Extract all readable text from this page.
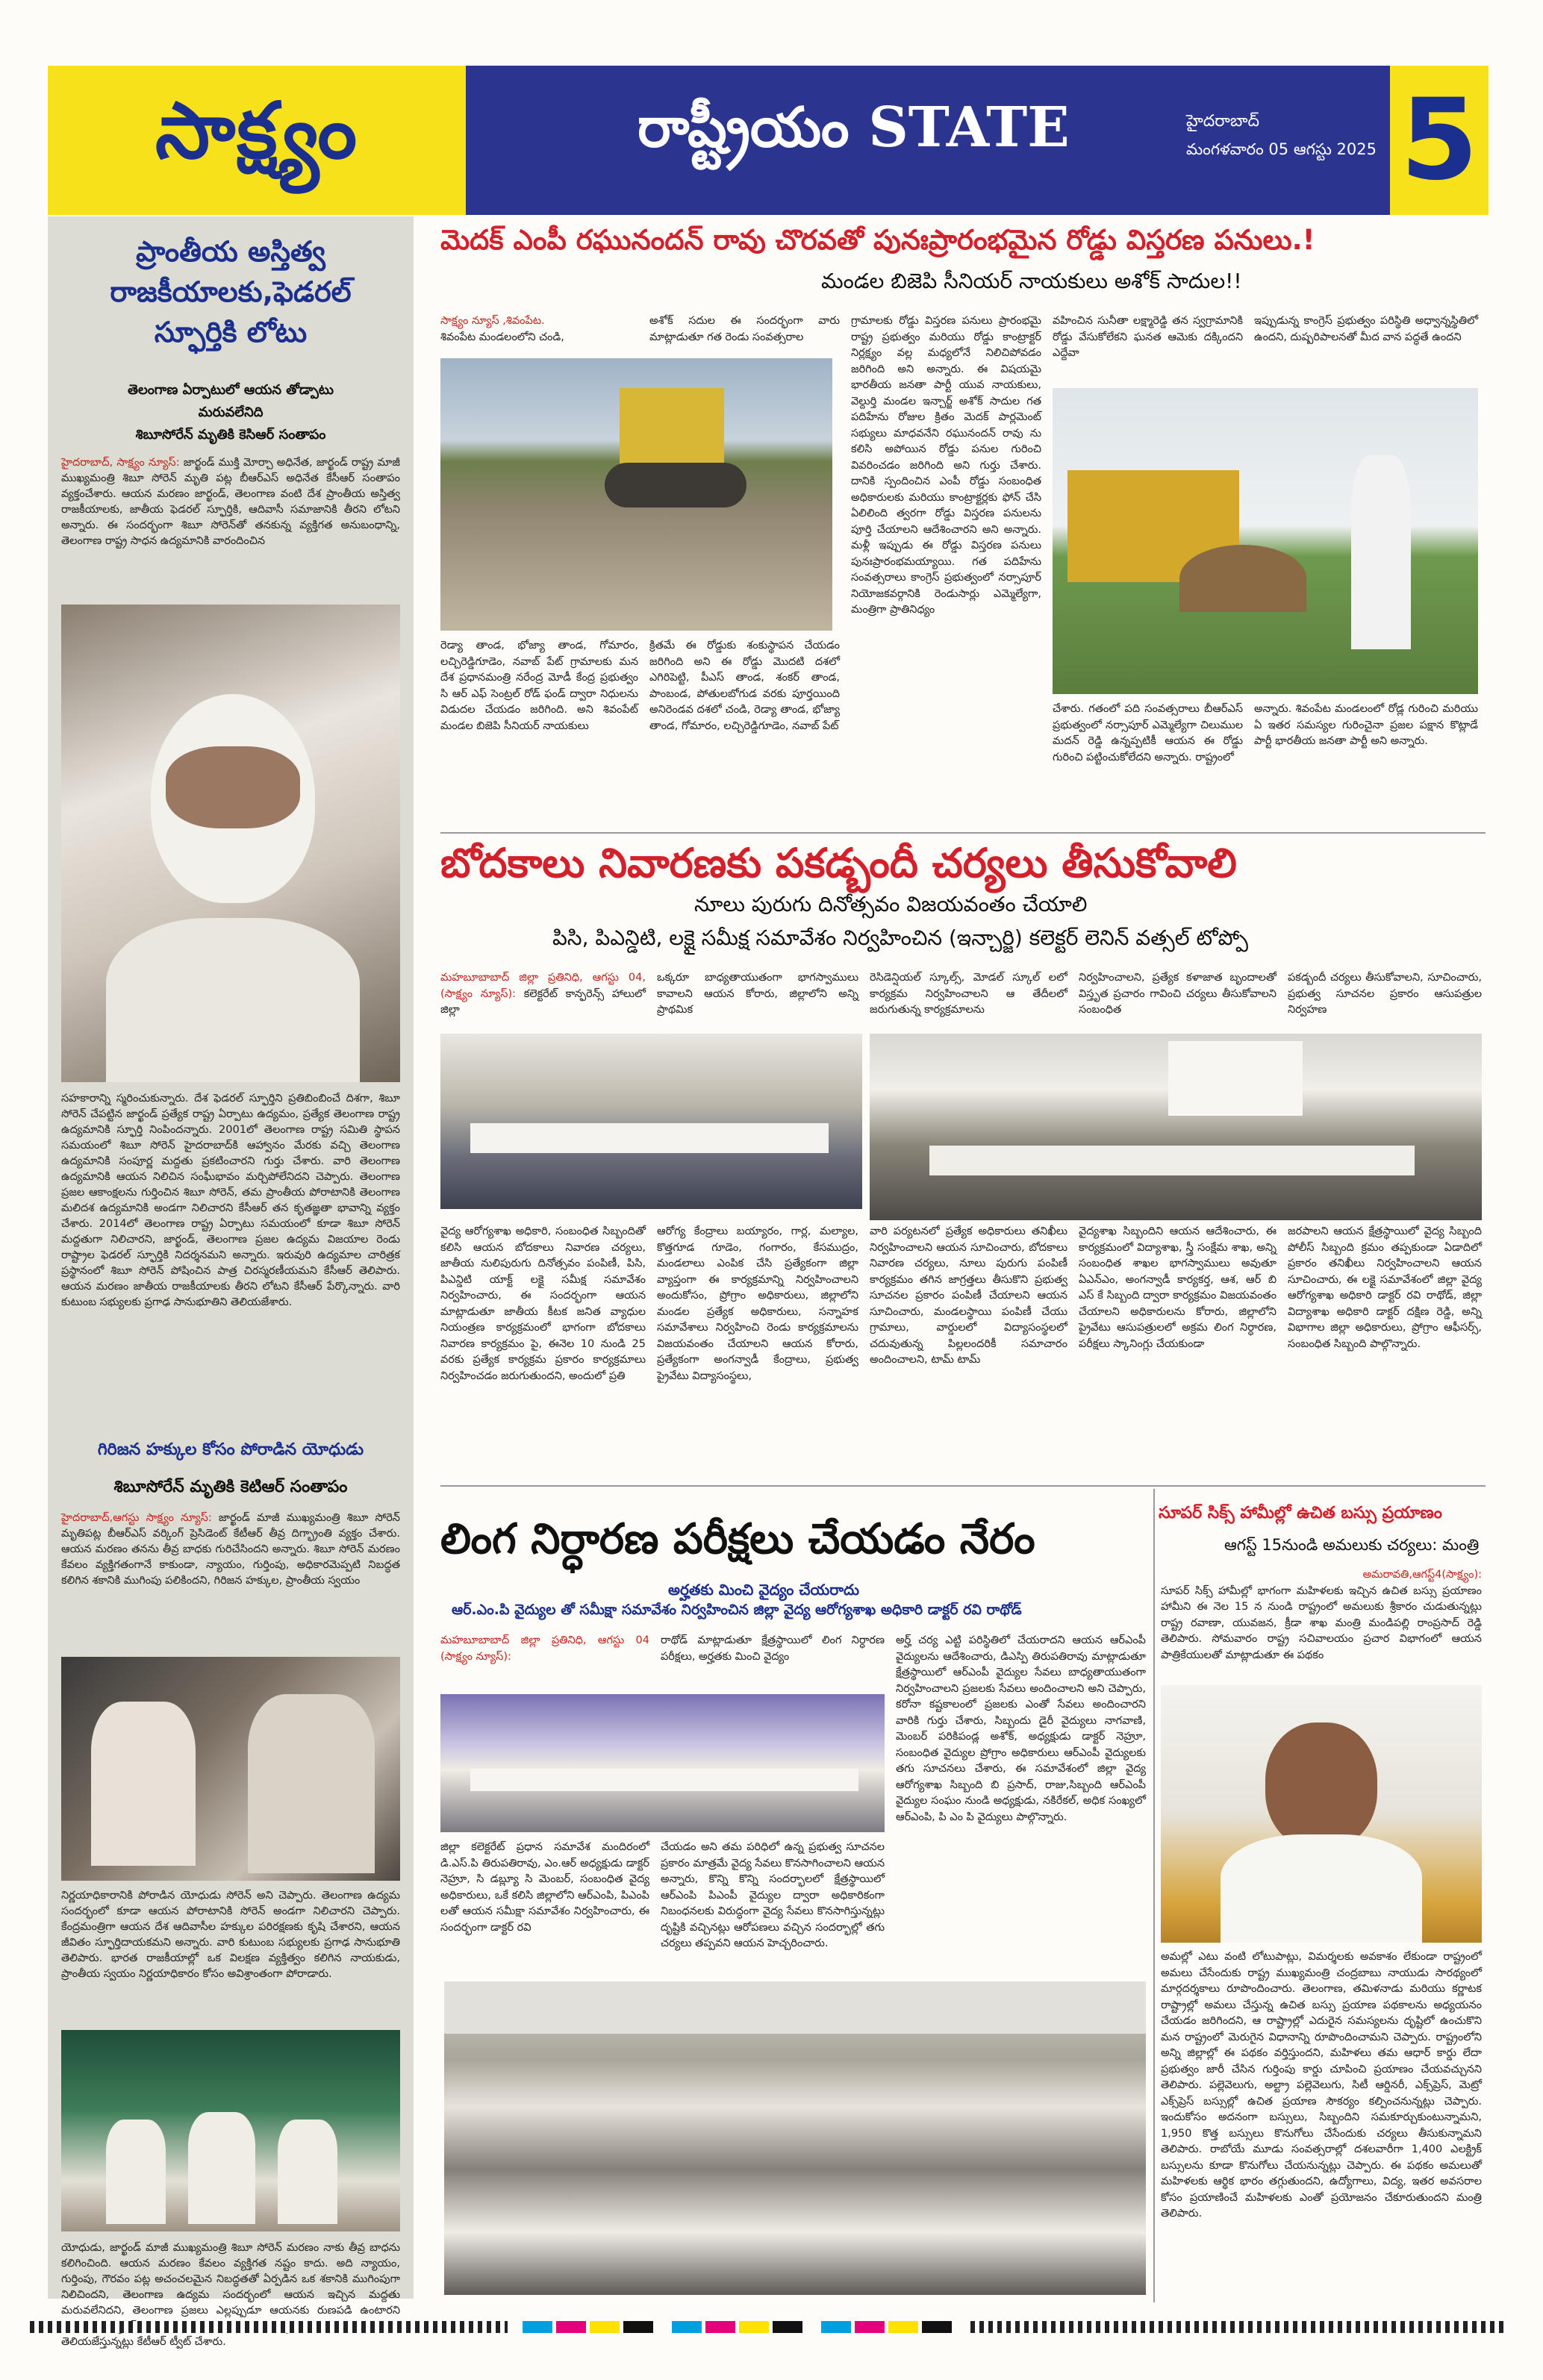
సాక్ష్యం	రాష్ట్రీయం STATE	హైదరాబాద్
మంగళవారం 05 ఆగస్టు 2025 5
ప్రాంతీయ అస్తిత్వ
రాజకీయాలకు,ఫెడరల్
స్ఫూర్తికి లోటు
తెలంగాణ ఏర్పాటులో ఆయన తోడ్పాటు
మరువలేనిది
శిబూసోరేన్ మృతికి కెసిఆర్ సంతాపం
హైదరాబాద్, సాక్ష్యం న్యూస్: జార్ఖండ్ ముక్తి మోర్చా అధినేత, జార్ఖండ్ రాష్ట్ర మాజీ ముఖ్యమంత్రి శిబూ సోరెన్ మృతి పట్ల బీఆర్ఎస్ అధినేత కేసీఆర్ సంతాపం వ్యక్తంచేశారు. ఆయన మరణం జార్ఖండ్, తెలంగాణ వంటి దేశ ప్రాంతీయ అస్తిత్వ రాజకీయాలకు, జాతీయ ఫెడరల్ స్ఫూర్తికి, ఆదివాసీ సమాజానికి తీరని లోటని అన్నారు. ఈ సందర్భంగా శిబూ సోరెన్‌తో తనకున్న వ్యక్తిగత అనుబంధాన్ని, తెలంగాణ రాష్ట్ర సాధన ఉద్యమానికి వారందించిన
సహకారాన్ని స్మరించుకున్నారు. దేశ ఫెడరల్ స్ఫూర్తిని ప్రతిబింబించే దిశగా, శిబూ సోరెన్ చేపట్టిన జార్ఖండ్ ప్రత్యేక రాష్ట్ర ఏర్పాటు ఉద్యమం, ప్రత్యేక తెలంగాణ రాష్ట్ర ఉద్యమానికి స్ఫూర్తి నింపిందన్నారు. 2001లో తెలంగాణ రాష్ట్ర సమితి స్థాపన సమయంలో శిబూ సోరెన్ హైదరాబాద్‌కి ఆహ్వానం మేరకు వచ్చి తెలంగాణ ఉద్యమానికి సంపూర్ణ మద్దతు ప్రకటించారని గుర్తు చేశారు. వారి తెలంగాణ ఉద్యమానికి ఆయన నిలిచిన సంఘీభావం మర్చిపోలేనిదని చెప్పారు. తెలంగాణ ప్రజల ఆకాంక్షలను గుర్తించిన శిబూ సోరెన్, తమ ప్రాంతీయ పోరాటానికి తెలంగాణ మలిదశ ఉద్యమానికి అండగా నిలిచారని కేసీఆర్ తన కృతజ్ఞతా భావాన్ని వ్యక్తం చేశారు. 2014లో తెలంగాణ రాష్ట్ర ఏర్పాటు సమయంలో కూడా శిబూ సోరెన్ మద్దతుగా నిలిచారని, జార్ఖండ్, తెలంగాణ ప్రజల ఉద్యమ విజయాల రెండు రాష్ట్రాల ఫెడరల్ స్ఫూర్తికి నిదర్శనమని అన్నారు. ఇరువురి ఉద్యమాల చారిత్రక ప్రస్థానంలో శిబూ సోరెన్ పోషించిన పాత్ర చిరస్మరణీయమని కేసీఆర్ తెలిపారు. ఆయన మరణం జాతీయ రాజకీయాలకు తీరని లోటని కేసీఆర్ పేర్కొన్నారు. వారి కుటుంబ సభ్యులకు ప్రగాఢ సానుభూతిని తెలియజేశారు.
గిరిజన హక్కుల కోసం పోరాడిన యోధుడు
శిబూసోరేన్ మృతికి కెటిఆర్ సంతాపం
హైదరాబాద్,ఆగస్టు సాక్ష్యం న్యూస్: జార్ఖండ్ మాజీ ముఖ్యమంత్రి శిబూ సోరెన్ మృతిపట్ల బీఆర్ఎస్ వర్కింగ్ ప్రెసిడెంట్ కేటీఆర్ తీవ్ర దిగ్భ్రాంతి వ్యక్తం చేశారు. ఆయన మరణం తనను తీవ్ర బాధకు గురిచేసిందని అన్నారు. శిబూ సోరెన్ మరణం కేవలం వ్యక్తిగతంగానే కాకుండా, న్యాయం, గుర్తింపు, అధికారమెప్పటి నిబద్ధత కలిగిన శకానికి ముగింపు పలికిందని, గిరిజన హక్కుల, ప్రాంతీయ స్వయం
నిర్ణయాధికారానికి పోరాడిన యోధుడు సోరెన్ అని చెప్పారు. తెలంగాణ ఉద్యమ సందర్భంలో కూడా ఆయన పోరాటానికి సోరెన్ అండగా నిలిచారని చెప్పారు. కేంద్రమంత్రిగా ఆయన దేశ ఆదివాసీల హక్కుల పరిరక్షణకు కృషి చేశారని, ఆయన జీవితం స్ఫూర్తిదాయకమని అన్నారు. వారి కుటుంబ సభ్యులకు ప్రగాఢ సానుభూతి తెలిపారు. భారత రాజకీయాల్లో ఒక విలక్షణ వ్యక్తిత్వం కలిగిన నాయకుడు, ప్రాంతీయ స్వయం నిర్ణయాధికారం కోసం అవిశ్రాంతంగా పోరాడారు.
యోధుడు, జార్ఖండ్ మాజీ ముఖ్యమంత్రి శిబూ సోరెన్ మరణం నాకు తీవ్ర బాధను కలిగించింది. ఆయన మరణం కేవలం వ్యక్తిగత నష్టం కాదు. అది న్యాయం, గుర్తింపు, గౌరవం పట్ల అచంచలమైన నిబద్ధతతో ఏర్పడిన ఒక శకానికి ముగింపుగా నిలిచిందని, తెలంగాణ ఉద్యమ సందర్భంలో ఆయన ఇచ్చిన మద్దతు మరువలేనిదని, తెలంగాణ ప్రజలు ఎల్లప్పుడూ ఆయనకు రుణపడి ఉంటారని తెలియజేస్తున్నట్లు కేటీఆర్ ట్వీట్ చేశారు.
మెదక్ ఎంపీ రఘునందన్ రావు చొరవతో పునఃప్రారంభమైన రోడ్డు విస్తరణ పనులు.!
మండల బిజెపి సీనియర్ నాయకులు అశోక్ సాదుల!!
సాక్ష్యం న్యూస్ ,శివంపేట.
శివంపేట మండలంలోని చండి,
అశోక్ సదుల ఈ సందర్భంగా వారు మాట్లాడుతూ గత రెండు సంవత్సరాల
రెడ్యా తాండ, భోజ్యా తాండ, గోమారం, లచ్చిరెడ్డిగూడెం, నవాబ్ పేట్ గ్రామాలకు మన దేశ ప్రధానమంత్రి నరేంద్ర మోడీ కేంద్ర ప్రభుత్వం సి ఆర్ ఎఫ్ సెంట్రల్ రోడ్ ఫండ్ ద్వారా నిధులను విడుదల చేయడం జరిగింది. అని శివంపేట్ మండల బిజెపి సీనియర్ నాయకులు
క్రితమే ఈ రోడ్డుకు శంకుస్థాపన చేయడం జరిగింది అని ఈ రోడ్డు మొదటి దశలో ఎగిరిపెట్టి, పీఎస్ తాండ, శంకర్ తాండ, పాంబండ, పోతులబోగుడ వరకు పూర్తయింది అనిరెండవ దశలో చండి, రెడ్యా తాండ, భోజ్యా తాండ, గోమారం, లచ్చిరెడ్డిగూడెం, నవాబ్ పేట్
గ్రామాలకు రోడ్డు విస్తరణ పనులు ప్రారంభమై రాష్ట్ర ప్రభుత్వం మరియు రోడ్డు కాంట్రాక్టర్ నిర్లక్ష్యం వల్ల మధ్యలోనే నిలిచిపోవడం జరిగింది అని అన్నారు. ఈ విషయమై భారతీయ జనతా పార్టీ యువ నాయకులు, వెల్దుర్తి మండల ఇన్చార్జ్ అశోక్ సాదుల గత పదిహేను రోజుల క్రితం మెదక్ పార్లమెంట్ సభ్యులు మాధవనేని రఘునందన్ రావు ను కలిసి అపోయిన రోడ్డు పనుల గురించి వివరించడం జరిగింది అని గుర్తు చేశారు. దానికి స్పందించిన ఎంపీ రోడ్డు సంబంధిత అధికారులకు మరియు కాంట్రాక్టర్లకు ఫోన్ చేసి ఏలిలింది త్వరగా రోడ్డు విస్తరణ పనులను పూర్తి చేయాలని ఆదేశించారని అని అన్నారు. మళ్లీ ఇప్పుడు ఈ రోడ్డు విస్తరణ పనులు పునఃప్రారంభమయ్యాయి. గత పదిహేను సంవత్సరాలు కాంగ్రెస్ ప్రభుత్వంలో నర్సాపూర్ నియోజకవర్గానికి రెండుసార్లు ఎమ్మెల్యేగా, మంత్రిగా ప్రాతినిధ్యం
వహించిన సునీతా లక్ష్మారెడ్డి తన స్వగ్రామానికి రోడ్డు వేసుకోలేకని ఘనత ఆమెకు దక్కిందని ఎద్దేవా
ఇప్పుడున్న కాంగ్రెస్ ప్రభుత్వం పరిస్థితి అధ్వాన్నస్థితిలో ఉందని, దుష్పరిపాలనతో మీద వాన పద్ధతే ఉందని
చేశారు. గతంలో పది సంవత్సరాలు బీఆర్ఎస్ ప్రభుత్వంలో నర్సాపూర్ ఎమ్మెల్యేగా చిలుముల మదన్ రెడ్డి ఉన్నప్పటికీ ఆయన ఈ రోడ్డు గురించి పట్టించుకోలేదని అన్నారు. రాష్ట్రంలో
అన్నారు. శివంపేట మండలంలో రోడ్ల గురించి మరియు ఏ ఇతర సమస్యల గురించైనా ప్రజల పక్షాన కొట్లాడే పార్టీ భారతీయ జనతా పార్టీ అని అన్నారు.
బోదకాలు నివారణకు పకడ్బందీ చర్యలు తీసుకోవాలి
నూలు పురుగు దినోత్సవం విజయవంతం చేయాలి
పిసి, పిఎన్డిటి, లక్షై సమీక్ష సమావేశం నిర్వహించిన (ఇన్చార్జి) కలెక్టర్ లెనిన్ వత్సల్ టోప్పో
మహబూబాబాద్ జిల్లా ప్రతినిధి, ఆగస్టు 04, (సాక్ష్యం న్యూస్): కలెక్టరేట్ కాన్ఫరెన్స్ హాలులో జిల్లా
ఒక్కరూ బాధ్యతాయుతంగా భాగస్వాములు కావాలని ఆయన కోరారు, జిల్లాలోని అన్ని ప్రాథమిక
రెసిడెన్షియల్ స్కూల్స్, మోడల్ స్కూల్ లలో కార్యక్రమ నిర్వహించాలని ఆ తేదీలలో జరుగుతున్న కార్యక్రమాలను
నిర్వహించాలని, ప్రత్యేక కళాజాత బృందాలతో విస్తృత ప్రచారం గావించి చర్యలు తీసుకోవాలని సంబంధిత
పకడ్బందీ చర్యలు తీసుకోవాలని, సూచించారు, ప్రభుత్వ సూచనల ప్రకారం ఆసుపత్రుల నిర్వహణ
వైద్య ఆరోగ్యశాఖ అధికారి, సంబంధిత సిబ్బందితో కలిసి ఆయన బోదకాలు నివారణ చర్యలు, జాతీయ నులిపురుగు దినోత్సవం పంపిణీ, పిసి, పిఎన్డిటి యాక్ట్ లక్షై సమీక్ష సమావేశం నిర్వహించారు, ఈ సందర్భంగా ఆయన మాట్లాడుతూ జాతీయ కీటక జనిత వ్యాధుల నియంత్రణ కార్యక్రమంలో భాగంగా బోదకాలు నివారణ కార్యక్రమం పై, ఈనెల 10 నుండి 25 వరకు ప్రత్యేక కార్యక్రమ ప్రకారం కార్యక్రమాలు నిర్వహించడం జరుగుతుందని, అందులో ప్రతి
ఆరోగ్య కేంద్రాలు బయ్యారం, గార్ల, మల్యాల, కొత్తగూడ గూడెం, గంగారం, కేసముద్రం, మండలాలు ఎంపిక చేసి ప్రత్యేకంగా జిల్లా వ్యాప్తంగా ఈ కార్యక్రమాన్ని నిర్వహించాలని అందుకోసం, ప్రోగ్రాం అధికారులు, జిల్లాలోని మండల ప్రత్యేక అధికారులు, సన్నాహక సమావేశాలు నిర్వహించి రెండు కార్యక్రమాలను విజయవంతం చేయాలని ఆయన కోరారు, ప్రత్యేకంగా అంగన్వాడీ కేంద్రాలు, ప్రభుత్వ ప్రైవేటు విద్యాసంస్థలు,
వారి పర్యటనలో ప్రత్యేక అధికారులు తనిఖీలు నిర్వహించాలని ఆయన సూచించారు, బోదకాలు నివారణ చర్యలు, నూలు పురుగు పంపిణీ కార్యక్రమం తగిన జాగ్రత్తలు తీసుకొని ప్రభుత్వ సూచనల ప్రకారం పంపిణీ చేయాలని ఆయన సూచించారు, మండలస్థాయి పంపిణీ చేయు గ్రామాలు, వార్డులలో విద్యాసంస్థలలో చదువుతున్న పిల్లలందరికీ సమాచారం అందించాలని, టామ్ టామ్
వైద్యశాఖ సిబ్బందిని ఆయన ఆదేశించారు, ఈ కార్యక్రమంలో విద్యాశాఖ, స్త్రీ సంక్షేమ శాఖ, అన్ని సంబంధిత శాఖల భాగస్వాములు అవుతూ ఏఎన్ఎం, అంగన్వాడీ కార్యకర్త, ఆశ, ఆర్ బి ఎస్ కే సిబ్బంది ద్వారా కార్యక్రమం విజయవంతం చేయాలని అధికారులను కోరారు, జిల్లాలోని ప్రైవేటు ఆసుపత్రులలో అక్రమ లింగ నిర్ధారణ, పరీక్షలు స్కానింగ్లు చేయకుండా
జరపాలని ఆయన క్షేత్రస్థాయిలో వైద్య సిబ్బంది పోలీస్ సిబ్బంది క్రమం తప్పకుండా ఏడాదిలో ప్రకారం తనిఖీలు నిర్వహించాలని ఆయన సూచించారు, ఈ లక్షై సమావేశంలో జిల్లా వైద్య ఆరోగ్యశాఖ అధికారి డాక్టర్ రవి రాథోడ్, జిల్లా విద్యాశాఖ అధికారి డాక్టర్ దక్షిణ రెడ్డి, అన్ని విభాగాల జిల్లా అధికారులు, ప్రోగ్రాం ఆఫీసర్స్, సంబంధిత సిబ్బంది పాల్గొన్నారు.
లింగ నిర్ధారణ పరీక్షలు చేయడం నేరం
అర్హతకు మించి వైద్యం చేయరాదు
ఆర్.ఎం.పి వైద్యుల తో సమీక్షా సమావేశం నిర్వహించిన జిల్లా వైద్య ఆరోగ్యశాఖ అధికారి డాక్టర్ రవి రాథోడ్
మహబూబాబాద్ జిల్లా ప్రతినిధి, ఆగస్టు 04 (సాక్ష్యం న్యూస్):
రాథోడ్ మాట్లాడుతూ క్షేత్రస్థాయిలో లింగ నిర్ధారణ పరీక్షలు, అర్హతకు మించి వైద్యం
అర్హ్ చర్య ఎట్టి పరిస్థితిలో చేయరాదని ఆయన ఆర్ఎంపీ వైద్యులను ఆదేశించారు, డిఎస్పి తిరుపతిరావు మాట్లాడుతూ క్షేత్రస్థాయిలో ఆర్ఎంపీ వైద్యుల సేవలు బాధ్యతాయుతంగా నిర్వహించాలని ప్రజలకు సేవలు అందించాలని అని చెప్పారు, కరోనా కష్టకాలంలో ప్రజలకు ఎంతో సేవలు అందించారని వారికి గుర్తు చేశారు, సిబ్బందు డైరీ వైద్యులు నాగవాణి, మెంబర్ పరికిపండ్ల అశోక్, అధ్యక్షుడు డాక్టర్ నెహ్రూ, సంబంధిత వైద్యుల ప్రోగ్రాం అధికారులు ఆర్ఎంపీ వైద్యులకు తగు సూచనలు చేశారు, ఈ సమావేశంలో జిల్లా వైద్య ఆరోగ్యశాఖ సిబ్బంది బి ప్రసాద్, రాజు,సిబ్బంది ఆర్ఎంపీ వైద్యుల సంఘం నుండి అధ్యక్షుడు, నకిరేకల్, అధిక సంఖ్యలో ఆర్ఎంపి, పి ఎం పి వైద్యులు పాల్గొన్నారు.
జిల్లా కలెక్టరేట్ ప్రధాన సమావేశ మందిరంలో డి.ఎస్.పి తిరుపతిరావు, ఎం.ఆర్ అధ్యక్షుడు డాక్టర్ నెహ్రూ, సి డబ్ల్యూ సి మెంబర్, సంబంధిత వైద్య అధికారులు, ఒకే కలిసి జిల్లాలోని ఆర్ఎంపి, పిఎంపి లతో ఆయన సమీక్షా సమావేశం నిర్వహించారు, ఈ సందర్భంగా డాక్టర్ రవి
చేయడం అని తమ పరిధిలో ఉన్న ప్రభుత్వ సూచనల ప్రకారం మాత్రమే వైద్య సేవలు కొనసాగించాలని ఆయన అన్నారు, కొన్ని కొన్ని సందర్భాలలో క్షేత్రస్థాయిలో ఆర్ఎంపి పిఎంపీ వైద్యుల ద్వారా అధికారికంగా నిబంధనలకు విరుద్ధంగా వైద్య సేవలు కొనసాగిస్తున్నట్లు దృష్టికి వచ్చినట్లు ఆరోపణలు వచ్చిన సందర్భాల్లో తగు చర్యలు తప్పవని ఆయన హెచ్చరించారు.
సూపర్ సిక్స్ హామీల్లో ఉచిత బస్సు ప్రయాణం
ఆగస్ట్ 15నుండి అమలుకు చర్యలు: మంత్రి
అమరావతి,ఆగస్ట్4(సాక్ష్యం):
సూపర్ సిక్స్ హామీల్లో భాగంగా మహిళలకు ఇచ్చిన ఉచిత బస్సు ప్రయాణం హామీని ఈ నెల 15 న నుండి రాష్ట్రంలో అమలుకు శ్రీకారం చుడుతున్నట్లు రాష్ట్ర రవాణా, యువజన, క్రీడా శాఖ మంత్రి మండిపల్లి రాంప్రసాద్ రెడ్డి తెలిపారు. సోమవారం రాష్ట్ర సచివాలయం ప్రచార విభాగంలో ఆయన పాత్రికేయులతో మాట్లాడుతూ ఈ పథకం
అమల్లో ఎటు వంటి లోటుపాట్లు, విమర్శలకు అవకాశం లేకుండా రాష్ట్రంలో అమలు చేసేందుకు రాష్ట్ర ముఖ్యమంత్రి చంద్రబాబు నాయుడు సారథ్యంలో మార్గదర్శకాలు రూపొందించారు. తెలంగాణ, తమిళనాడు మరియు కర్ణాటక రాష్ట్రాల్లో అమలు చేస్తున్న ఉచిత బస్సు ప్రయాణ పథకాలను అధ్యయనం చేయడం జరిగిందని, ఆ రాష్ట్రాల్లో ఎదురైన సమస్యలను దృష్టిలో ఉంచుకొని మన రాష్ట్రంలో మెరుగైన విధానాన్ని రూపొందించామని చెప్పారు. రాష్ట్రంలోని అన్ని జిల్లాల్లో ఈ పథకం వర్తిస్తుందని, మహిళలు తమ ఆధార్ కార్డు లేదా ప్రభుత్వం జారీ చేసిన గుర్తింపు కార్డు చూపించి ప్రయాణం చేయవచ్చునని తెలిపారు. పల్లెవెలుగు, అల్ట్రా పల్లెవెలుగు, సిటీ ఆర్డినరీ, ఎక్స్‌ప్రెస్, మెట్రో ఎక్స్‌ప్రెస్ బస్సుల్లో ఉచిత ప్రయాణ సౌకర్యం కల్పించనున్నట్లు చెప్పారు. ఇందుకోసం అదనంగా బస్సులు, సిబ్బందిని సమకూర్చుకుంటున్నామని, 1,950 కొత్త బస్సులు కొనుగోలు చేసేందుకు చర్యలు తీసుకున్నామని తెలిపారు. రాబోయే మూడు సంవత్సరాల్లో దశలవారీగా 1,400 ఎలక్ట్రిక్ బస్సులను కూడా కొనుగోలు చేయనున్నట్లు చెప్పారు. ఈ పథకం అమలుతో మహిళలకు ఆర్థిక భారం తగ్గుతుందని, ఉద్యోగాలు, విద్య, ఇతర అవసరాల కోసం ప్రయాణించే మహిళలకు ఎంతో ప్రయోజనం చేకూరుతుందని మంత్రి తెలిపారు.
